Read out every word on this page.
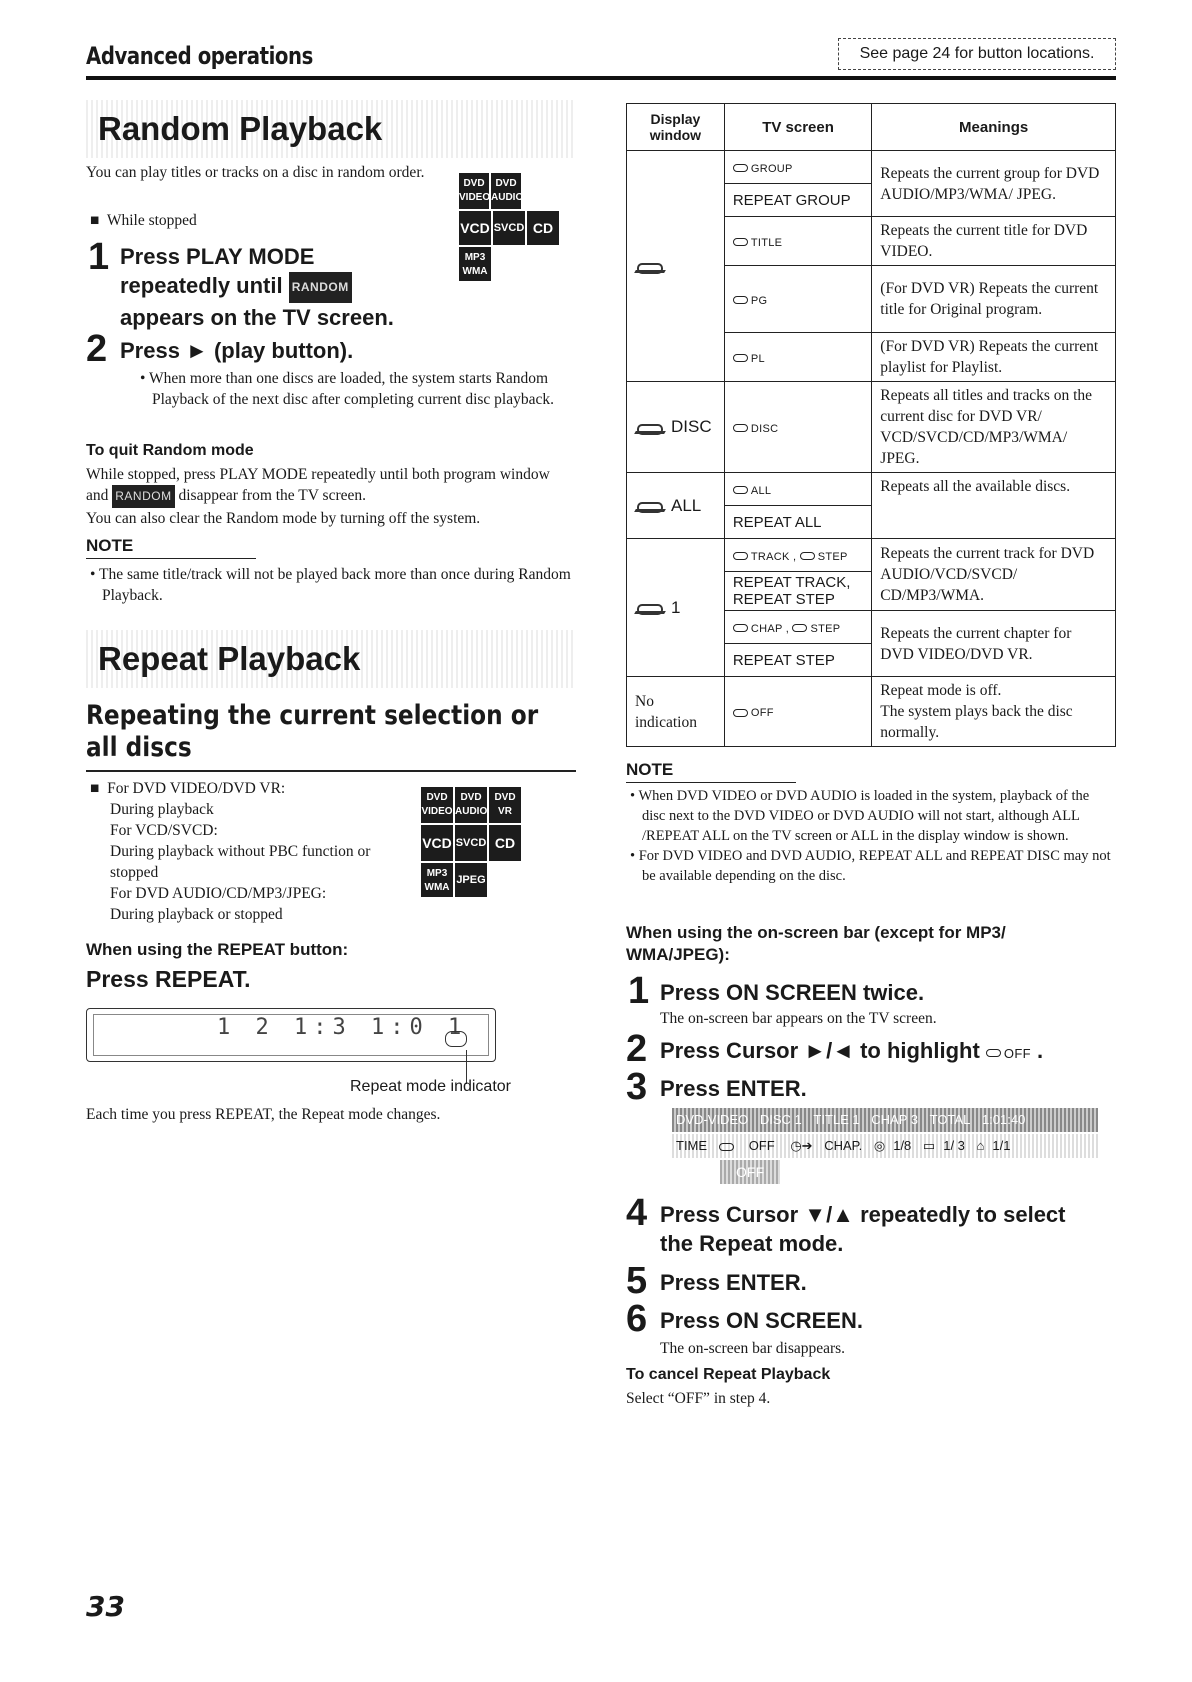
Advanced operations	See page 24 for button locations.
Random Playback
You can play titles or tracks on a disc in random order.
■  While stopped
DVD
VIDEO
DVD
AUDIO
VCD SVCD CD
MP3
WMA
1 Press PLAY MODE
repeatedly until RANDOM
appears on the TV screen.
2 Press ► (play button).
• When more than one discs are loaded, the system starts Random Playback of the next disc after completing current disc playback.
To quit Random mode
While stopped, press PLAY MODE repeatedly until both program window and RANDOM disappear from the TV screen.
You can also clear the Random mode by turning off the system.
NOTE
• The same title/track will not be played back more than once during Random Playback.
Repeat Playback
Repeating the current selection or all discs
■  For DVD VIDEO/DVD VR:
During playback
For VCD/SVCD:
During playback without PBC function or stopped
For DVD AUDIO/CD/MP3/JPEG:
During playback or stopped
DVD
VIDEO
DVD
AUDIO
DVD
VR
VCD SVCD CD
MP3
WMA
JPEG
When using the REPEAT button:
Press REPEAT.
1 2 1:3 1:0 1
Repeat mode indicator
Each time you press REPEAT, the Repeat mode changes.
Display window	TV screen	Meanings
	GROUP	Repeats the current group for DVD AUDIO/MP3/WMA/ JPEG.
	REPEAT GROUP	
	TITLE	Repeats the current title for DVD VIDEO.
	PG	(For DVD VR) Repeats the current title for Original program.
	PL	(For DVD VR) Repeats the current playlist for Playlist.
DISC	DISC	Repeats all titles and tracks on the current disc for DVD VR/ VCD/SVCD/CD/MP3/WMA/ JPEG.
ALL	ALL	Repeats all the available discs.
	REPEAT ALL	
1	TRACK , STEP	Repeats the current track for DVD AUDIO/VCD/SVCD/ CD/MP3/WMA.
	REPEAT TRACK,
REPEAT STEP	
	CHAP , STEP	Repeats the current chapter for DVD VIDEO/DVD VR.
	REPEAT STEP	
No indication	OFF	Repeat mode is off.
The system plays back the disc normally.
NOTE
• When DVD VIDEO or DVD AUDIO is loaded in the system, playback of the disc next to the DVD VIDEO or DVD AUDIO will not start, although ALL /REPEAT ALL on the TV screen or ALL in the display window is shown.
• For DVD VIDEO and DVD AUDIO, REPEAT ALL and REPEAT DISC may not be available depending on the disc.
When using the on-screen bar (except for MP3/ WMA/JPEG):
1 Press ON SCREEN twice.
The on-screen bar appears on the TV screen.
2 Press Cursor ►/◄ to highlight OFF .
3 Press ENTER.
DVD-VIDEO DISC 1 TITLE 1 CHAP 3 TOTAL 1:01:40
TIME	OFF ◷➔ CHAP. ◎ 1/8 ▭ 1/ 3 ⌂ 1/1
OFF
4 Press Cursor ▼/▲ repeatedly to select
the Repeat mode.
5 Press ENTER.
6 Press ON SCREEN.
The on-screen bar disappears.
To cancel Repeat Playback
Select “OFF” in step 4.
33
